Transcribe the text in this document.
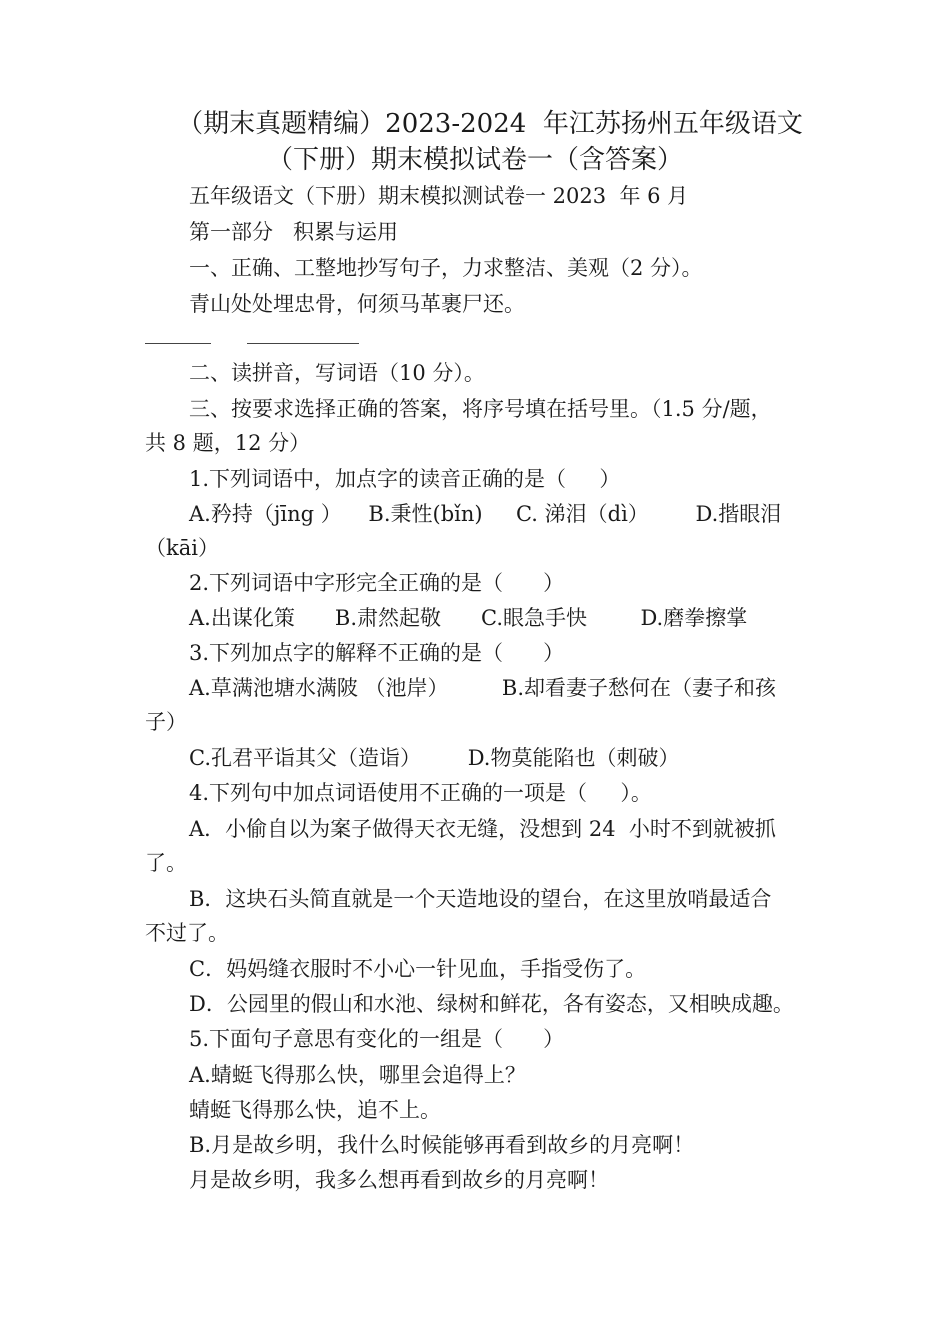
（期末真题精编）2023-2024  年江苏扬州五年级语文
（下册）期末模拟试卷一（含答案）
五年级语文（下册）期末模拟测试卷一 2023  年 6 月
第一部分   积累与运用
一、正确、工整地抄写句子，力求整洁、美观（2 分）。
青山处处埋忠骨，何须马革裹尸还。
二、读拼音，写词语（10 分）。
三、按要求选择正确的答案，将序号填在括号里。（1.5 分/题，
共 8 题，12 分）
1.下列词语中，加点字的读音正确的是（     ）
A.矜持（jīng ）    B.秉性(bǐn)     C. 涕泪（dì）       D.揩眼泪
（kāi）
2.下列词语中字形完全正确的是（      ）
A.出谋化策      B.肃然起敬      C.眼急手快        D.磨拳擦掌
3.下列加点字的解释不正确的是（      ）
A.草满池塘水满陂 （池岸）        B.却看妻子愁何在（妻子和孩
子）
C.孔君平诣其父（造诣）       D.物莫能陷也（刺破）
4.下列句中加点词语使用不正确的一项是（     ）。
A．小偷自以为案子做得天衣无缝，没想到 24  小时不到就被抓
了。
B．这块石头简直就是一个天造地设的望台，在这里放哨最适合
不过了。
C．妈妈缝衣服时不小心一针见血，手指受伤了。
D．公园里的假山和水池、绿树和鲜花，各有姿态，又相映成趣。
5.下面句子意思有变化的一组是（      ）
A.蜻蜓飞得那么快，哪里会追得上？
蜻蜓飞得那么快，追不上。
B.月是故乡明，我什么时候能够再看到故乡的月亮啊！
月是故乡明，我多么想再看到故乡的月亮啊！
